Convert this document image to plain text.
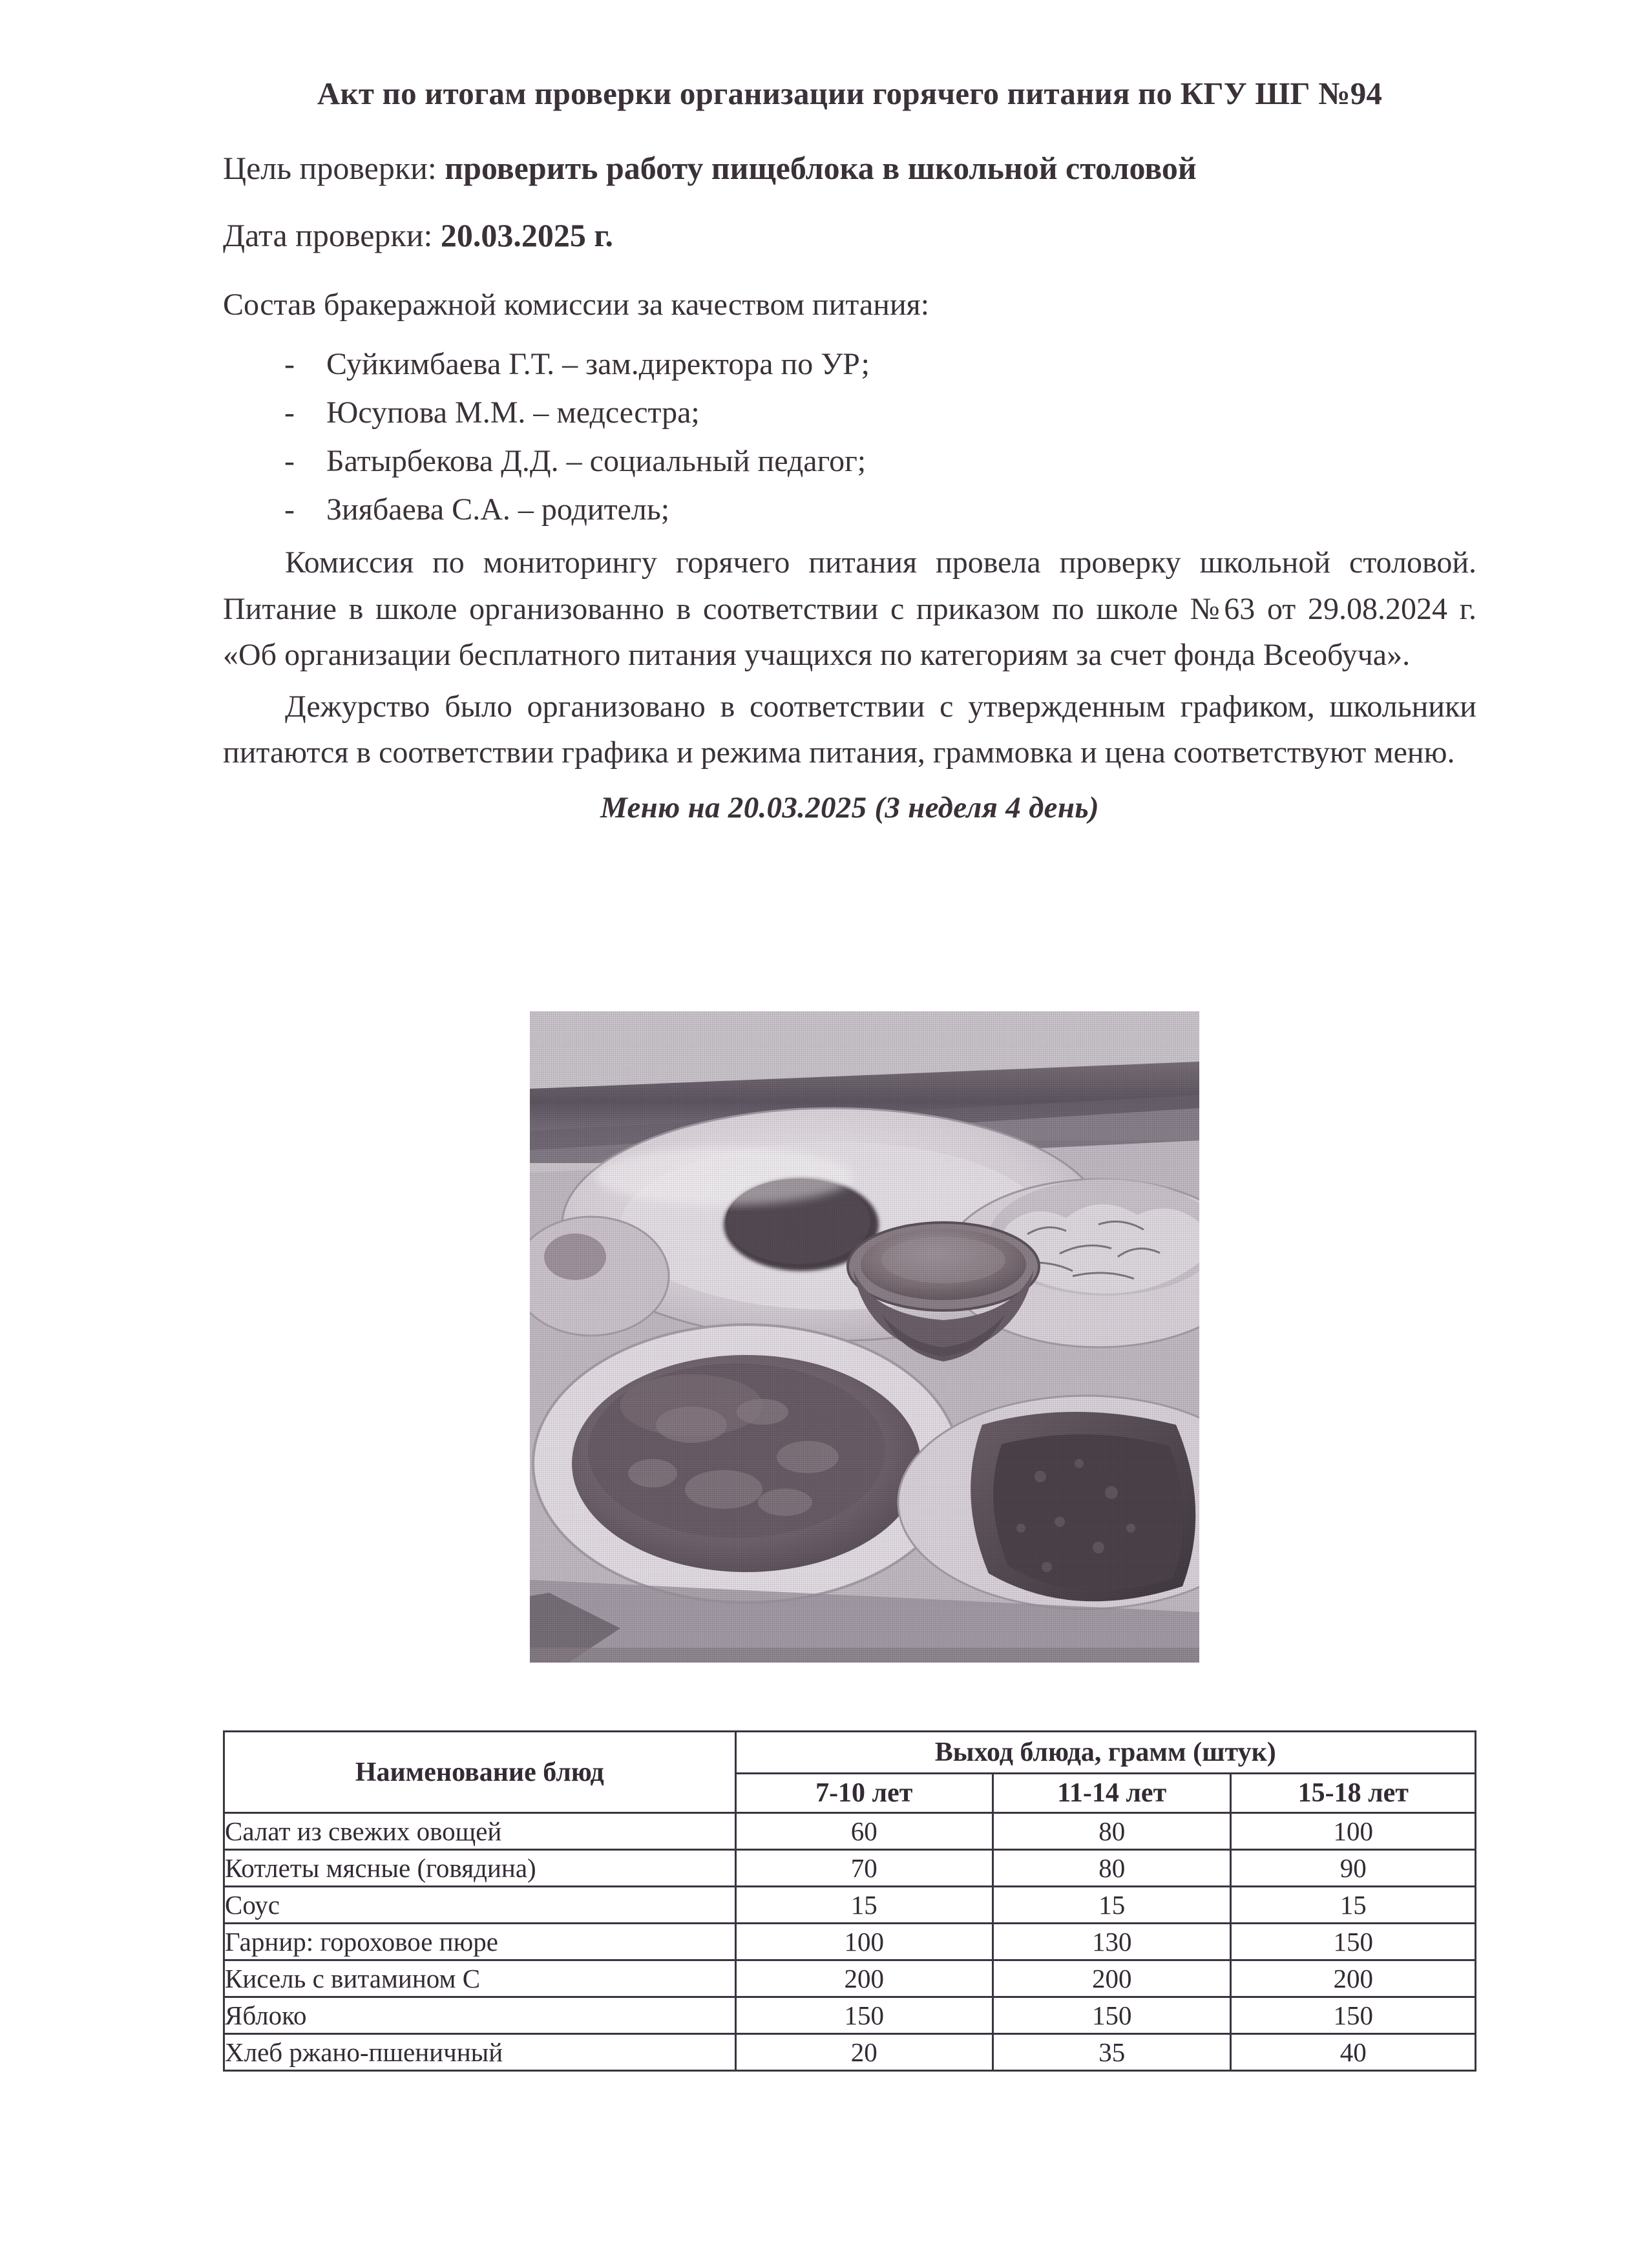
Акт по итогам проверки организации горячего питания по КГУ ШГ №94

Цель проверки: проверить работу пищеблока в школьной столовой

Дата проверки: 20.03.2025 г.

Состав бракеражной комиссии за качеством питания:

- Суйкимбаева Г.Т. – зам.директора по УР;
- Юсупова М.М. – медсестра;
- Батырбекова Д.Д. – социальный педагог;
- Зиябаева С.А. – родитель;

Комиссия по мониторингу горячего питания провела проверку школьной столовой. Питание в школе организованно в соответствии с приказом по школе №63 от 29.08.2024 г. «Об организации бесплатного питания учащихся по категориям за счет фонда Всеобуча».

Дежурство было организовано в соответствии с утвержденным графиком, школьники питаются в соответствии графика и режима питания, граммовка и цена соответствуют меню.

Меню на 20.03.2025 (3 неделя 4 день)

Наименование блюд	Выход блюда, грамм (штук)		
	7-10 лет	11-14 лет	15-18 лет
Салат из свежих овощей	60	80	100
Котлеты мясные (говядина)	70	80	90
Соус	15	15	15
Гарнир: гороховое пюре	100	130	150
Кисель с витамином С	200	200	200
Яблоко	150	150	150
Хлеб ржано-пшеничный	20	35	40
